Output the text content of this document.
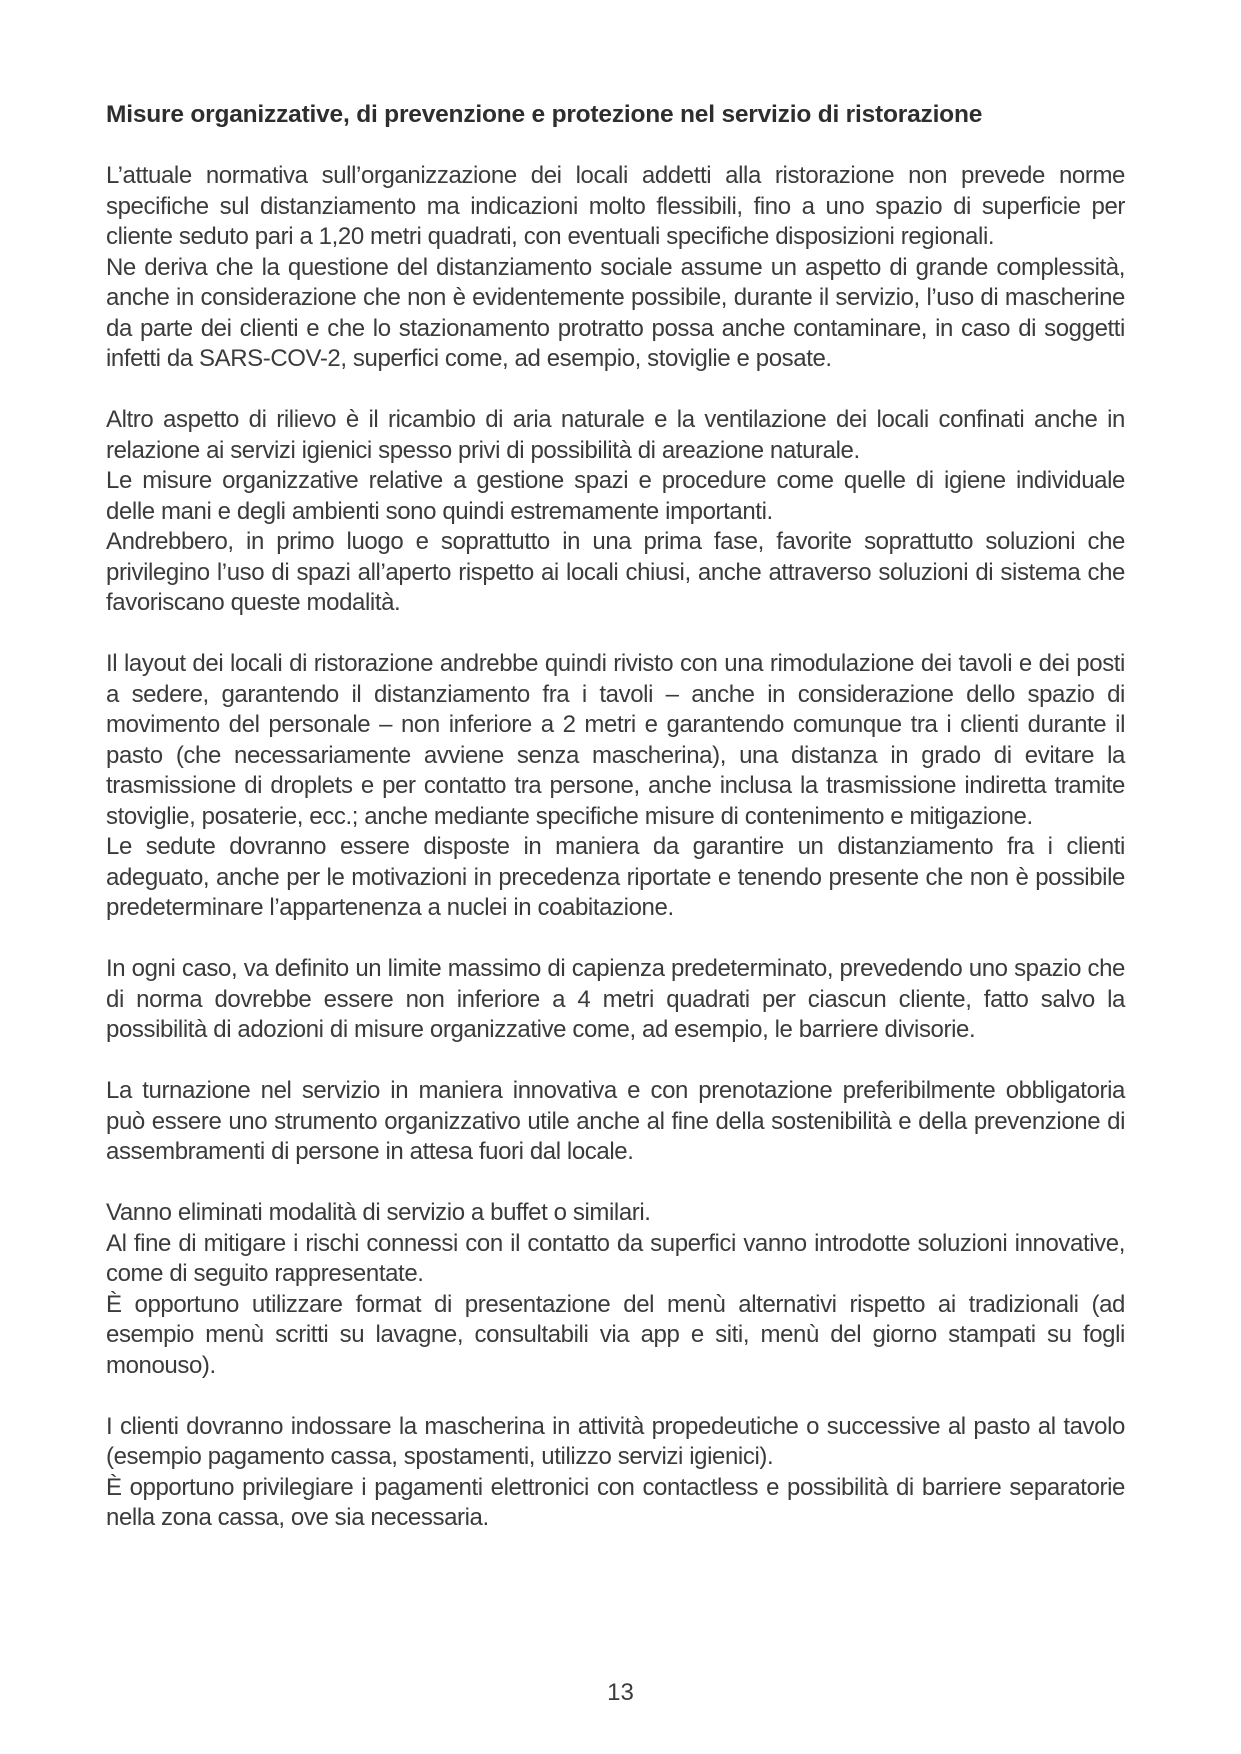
Misure organizzative, di prevenzione e protezione nel servizio di ristorazione

L’attuale normativa sull’organizzazione dei locali addetti alla ristorazione non prevede norme specifiche sul distanziamento ma indicazioni molto flessibili, fino a uno spazio di superficie per cliente seduto pari a 1,20 metri quadrati, con eventuali specifiche disposizioni regionali.

Ne deriva che la questione del distanziamento sociale assume un aspetto di grande complessità, anche in considerazione che non è evidentemente possibile, durante il servizio, l’uso di mascherine da parte dei clienti e che lo stazionamento protratto possa anche contaminare, in caso di soggetti infetti da SARS-COV-2, superfici come, ad esempio, stoviglie e posate.

Altro aspetto di rilievo è il ricambio di aria naturale e la ventilazione dei locali confinati anche in relazione ai servizi igienici spesso privi di possibilità di areazione naturale.

Le misure organizzative relative a gestione spazi e procedure come quelle di igiene individuale delle mani e degli ambienti sono quindi estremamente importanti.

Andrebbero, in primo luogo e soprattutto in una prima fase, favorite soprattutto soluzioni che privilegino l’uso di spazi all’aperto rispetto ai locali chiusi, anche attraverso soluzioni di sistema che favoriscano queste modalità.

Il layout dei locali di ristorazione andrebbe quindi rivisto con una rimodulazione dei tavoli e dei posti a sedere, garantendo il distanziamento fra i tavoli – anche in considerazione dello spazio di movimento del personale – non inferiore a 2 metri e garantendo comunque tra i clienti durante il pasto (che necessariamente avviene senza mascherina), una distanza in grado di evitare la trasmissione di droplets e per contatto tra persone, anche inclusa la trasmissione indiretta tramite stoviglie, posaterie, ecc.; anche mediante specifiche misure di contenimento e mitigazione.

Le sedute dovranno essere disposte in maniera da garantire un distanziamento fra i clienti adeguato, anche per le motivazioni in precedenza riportate e tenendo presente che non è possibile predeterminare l’appartenenza a nuclei in coabitazione.

In ogni caso, va definito un limite massimo di capienza predeterminato, prevedendo uno spazio che di norma dovrebbe essere non inferiore a 4 metri quadrati per ciascun cliente, fatto salvo la possibilità di adozioni di misure organizzative come, ad esempio, le barriere divisorie.

La turnazione nel servizio in maniera innovativa e con prenotazione preferibilmente obbligatoria può essere uno strumento organizzativo utile anche al fine della sostenibilità e della prevenzione di assembramenti di persone in attesa fuori dal locale.

Vanno eliminati modalità di servizio a buffet o similari.

Al fine di mitigare i rischi connessi con il contatto da superfici vanno introdotte soluzioni innovative, come di seguito rappresentate.

È opportuno utilizzare format di presentazione del menù alternativi rispetto ai tradizionali (ad esempio menù scritti su lavagne, consultabili via app e siti, menù del giorno stampati su fogli monouso).

I clienti dovranno indossare la mascherina in attività propedeutiche o successive al pasto al tavolo (esempio pagamento cassa, spostamenti, utilizzo servizi igienici).

È opportuno privilegiare i pagamenti elettronici con contactless e possibilità di barriere separatorie nella zona cassa, ove sia necessaria.

13
